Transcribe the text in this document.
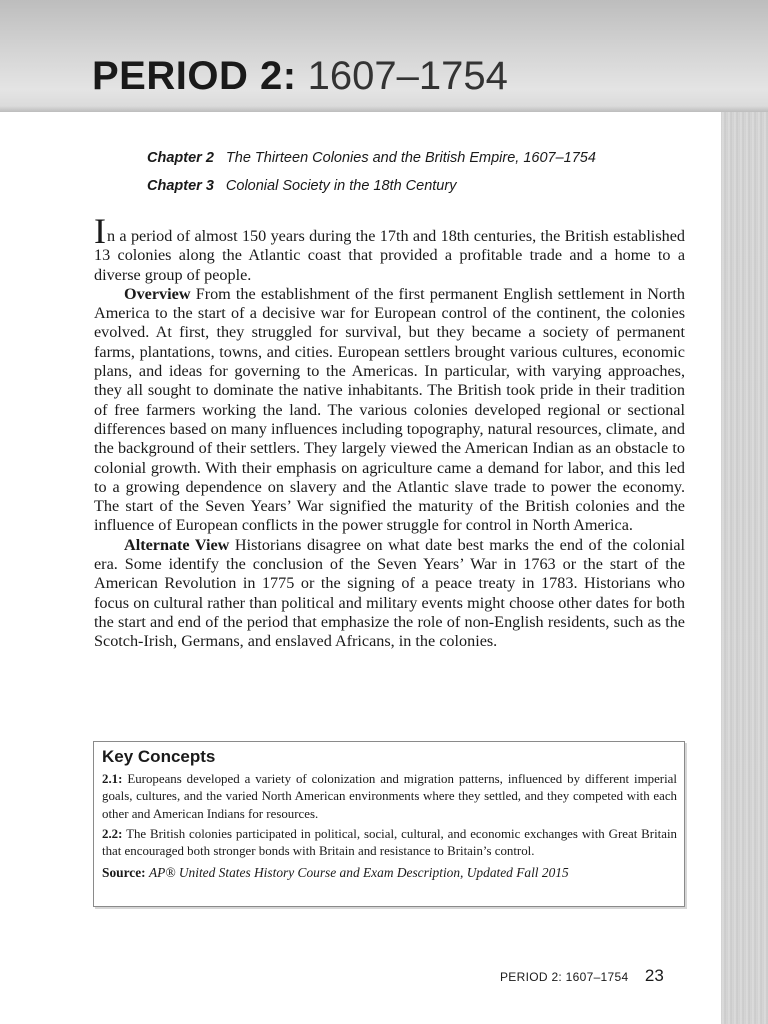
PERIOD 2: 1607–1754
Chapter 2 The Thirteen Colonies and the British Empire, 1607–1754
Chapter 3 Colonial Society in the 18th Century

In a period of almost 150 years during the 17th and 18th centuries, the British established 13 colonies along the Atlantic coast that provided a profitable trade and a home to a diverse group of people.

Overview From the establishment of the first permanent English settlement in North America to the start of a decisive war for European control of the continent, the colonies evolved. At first, they struggled for survival, but they became a society of permanent farms, plantations, towns, and cities. European settlers brought various cultures, economic plans, and ideas for governing to the Americas. In particular, with varying approaches, they all sought to dominate the native inhabitants. The British took pride in their tradition of free farmers working the land. The various colonies developed regional or sectional differences based on many influences including topography, natural resources, climate, and the background of their settlers. They largely viewed the American Indian as an obstacle to colonial growth. With their emphasis on agriculture came a demand for labor, and this led to a growing dependence on slavery and the Atlantic slave trade to power the economy. The start of the Seven Years’ War signified the maturity of the British colonies and the influence of European conflicts in the power struggle for control in North America.

Alternate View Historians disagree on what date best marks the end of the colonial era. Some identify the conclusion of the Seven Years’ War in 1763 or the start of the American Revolution in 1775 or the signing of a peace treaty in 1783. Historians who focus on cultural rather than political and military events might choose other dates for both the start and end of the period that emphasize the role of non-English residents, such as the Scotch-Irish, Germans, and enslaved Africans, in the colonies.

Key Concepts

2.1: Europeans developed a variety of colonization and migration patterns, influenced by different imperial goals, cultures, and the varied North American environments where they settled, and they competed with each other and American Indians for resources.

2.2: The British colonies participated in political, social, cultural, and economic exchanges with Great Britain that encouraged both stronger bonds with Britain and resistance to Britain’s control.

Source: AP® United States History Course and Exam Description, Updated Fall 2015

PERIOD 2: 1607–1754 23
